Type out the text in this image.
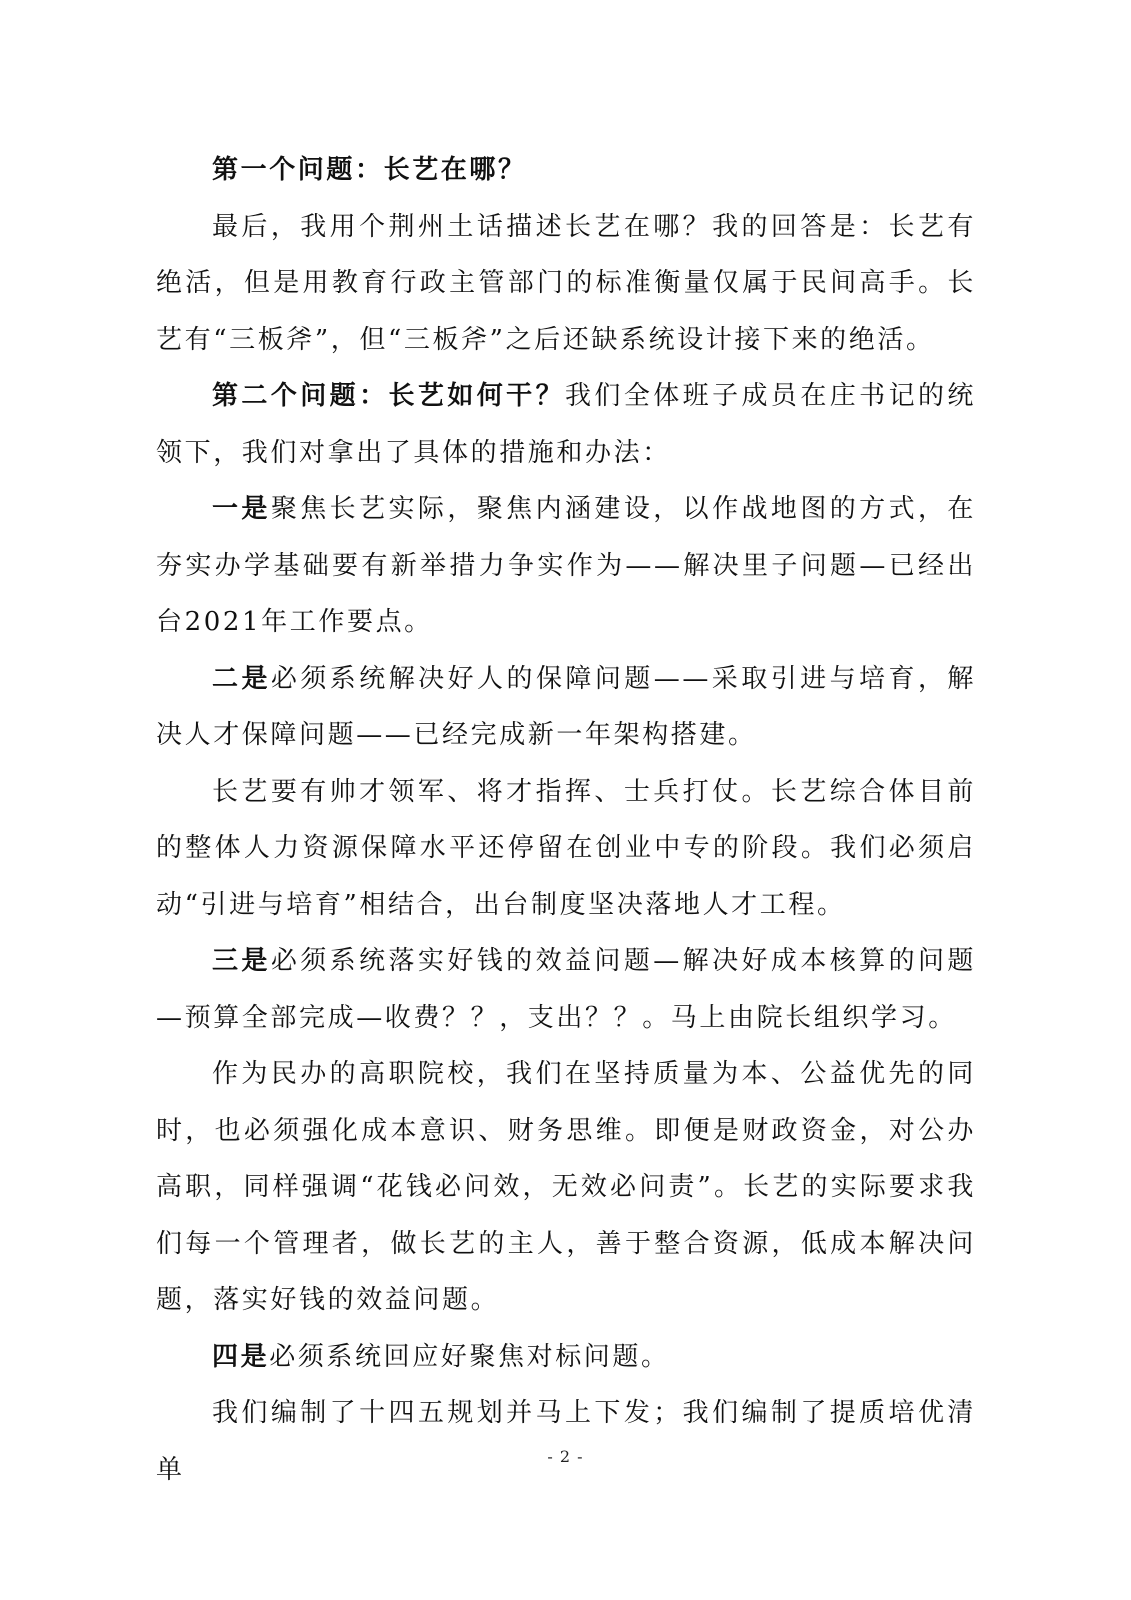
第一个问题：长艺在哪？

最后，我用个荆州土话描述长艺在哪？我的回答是：长艺有绝活，但是用教育行政主管部门的标准衡量仅属于民间高手。长艺有“三板斧”，但“三板斧”之后还缺系统设计接下来的绝活。

第二个问题：长艺如何干？我们全体班子成员在庄书记的统领下，我们对拿出了具体的措施和办法：

一是聚焦长艺实际，聚焦内涵建设，以作战地图的方式，在夯实办学基础要有新举措力争实作为——解决里子问题—已经出台2021年工作要点。

二是必须系统解决好人的保障问题——采取引进与培育，解决人才保障问题——已经完成新一年架构搭建。

长艺要有帅才领军、将才指挥、士兵打仗。长艺综合体目前的整体人力资源保障水平还停留在创业中专的阶段。我们必须启动“引进与培育”相结合，出台制度坚决落地人才工程。

三是必须系统落实好钱的效益问题—解决好成本核算的问题—预算全部完成—收费？？，支出？？。马上由院长组织学习。

作为民办的高职院校，我们在坚持质量为本、公益优先的同时，也必须强化成本意识、财务思维。即便是财政资金，对公办高职，同样强调“花钱必问效，无效必问责”。长艺的实际要求我们每一个管理者，做长艺的主人，善于整合资源，低成本解决问题，落实好钱的效益问题。

四是必须系统回应好聚焦对标问题。

我们编制了十四五规划并马上下发；我们编制了提质培优清单	- 2 -
